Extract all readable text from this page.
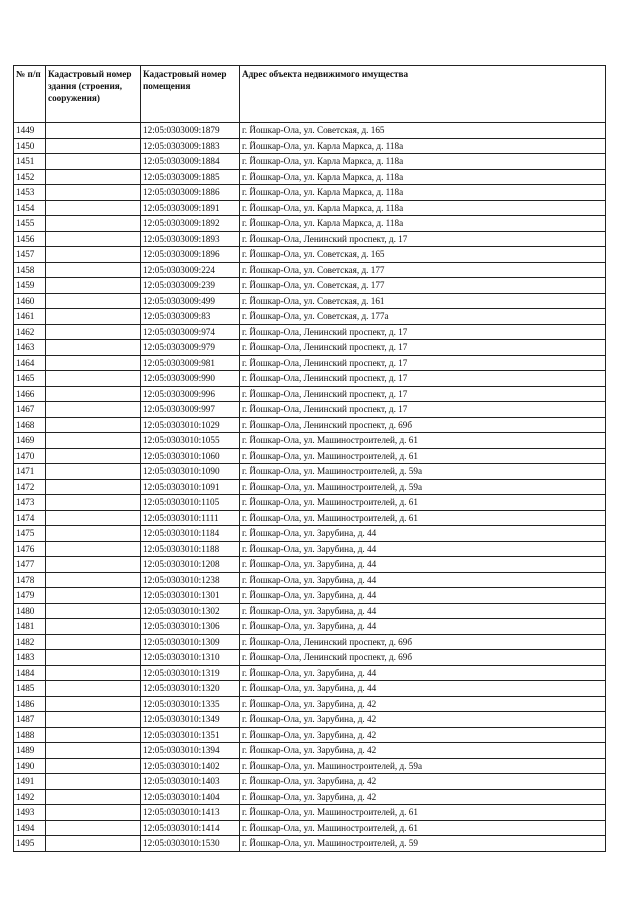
№ п/п	Кадастровый номер здания (строения, сооружения)	Кадастровый номер помещения	Адрес объекта недвижимого имущества
1449		12:05:0303009:1879	г. Йошкар-Ола, ул. Советская, д. 165
1450		12:05:0303009:1883	г. Йошкар-Ола, ул. Карла Маркса, д. 118а
1451		12:05:0303009:1884	г. Йошкар-Ола, ул. Карла Маркса, д. 118а
1452		12:05:0303009:1885	г. Йошкар-Ола, ул. Карла Маркса, д. 118а
1453		12:05:0303009:1886	г. Йошкар-Ола, ул. Карла Маркса, д. 118а
1454		12:05:0303009:1891	г. Йошкар-Ола, ул. Карла Маркса, д. 118а
1455		12:05:0303009:1892	г. Йошкар-Ола, ул. Карла Маркса, д. 118а
1456		12:05:0303009:1893	г. Йошкар-Ола, Ленинский проспект, д. 17
1457		12:05:0303009:1896	г. Йошкар-Ола, ул. Советская, д. 165
1458		12:05:0303009:224	г. Йошкар-Ола, ул. Советская, д. 177
1459		12:05:0303009:239	г. Йошкар-Ола, ул. Советская, д. 177
1460		12:05:0303009:499	г. Йошкар-Ола, ул. Советская, д. 161
1461		12:05:0303009:83	г. Йошкар-Ола, ул. Советская, д. 177а
1462		12:05:0303009:974	г. Йошкар-Ола, Ленинский проспект, д. 17
1463		12:05:0303009:979	г. Йошкар-Ола, Ленинский проспект, д. 17
1464		12:05:0303009:981	г. Йошкар-Ола, Ленинский проспект, д. 17
1465		12:05:0303009:990	г. Йошкар-Ола, Ленинский проспект, д. 17
1466		12:05:0303009:996	г. Йошкар-Ола, Ленинский проспект, д. 17
1467		12:05:0303009:997	г. Йошкар-Ола, Ленинский проспект, д. 17
1468		12:05:0303010:1029	г. Йошкар-Ола, Ленинский проспект, д. 69б
1469		12:05:0303010:1055	г. Йошкар-Ола, ул. Машиностроителей, д. 61
1470		12:05:0303010:1060	г. Йошкар-Ола, ул. Машиностроителей, д. 61
1471		12:05:0303010:1090	г. Йошкар-Ола, ул. Машиностроителей, д. 59а
1472		12:05:0303010:1091	г. Йошкар-Ола, ул. Машиностроителей, д. 59а
1473		12:05:0303010:1105	г. Йошкар-Ола, ул. Машиностроителей, д. 61
1474		12:05:0303010:1111	г. Йошкар-Ола, ул. Машиностроителей, д. 61
1475		12:05:0303010:1184	г. Йошкар-Ола, ул. Зарубина, д. 44
1476		12:05:0303010:1188	г. Йошкар-Ола, ул. Зарубина, д. 44
1477		12:05:0303010:1208	г. Йошкар-Ола, ул. Зарубина, д. 44
1478		12:05:0303010:1238	г. Йошкар-Ола, ул. Зарубина, д. 44
1479		12:05:0303010:1301	г. Йошкар-Ола, ул. Зарубина, д. 44
1480		12:05:0303010:1302	г. Йошкар-Ола, ул. Зарубина, д. 44
1481		12:05:0303010:1306	г. Йошкар-Ола, ул. Зарубина, д. 44
1482		12:05:0303010:1309	г. Йошкар-Ола, Ленинский проспект, д. 69б
1483		12:05:0303010:1310	г. Йошкар-Ола, Ленинский проспект, д. 69б
1484		12:05:0303010:1319	г. Йошкар-Ола, ул. Зарубина, д. 44
1485		12:05:0303010:1320	г. Йошкар-Ола, ул. Зарубина, д. 44
1486		12:05:0303010:1335	г. Йошкар-Ола, ул. Зарубина, д. 42
1487		12:05:0303010:1349	г. Йошкар-Ола, ул. Зарубина, д. 42
1488		12:05:0303010:1351	г. Йошкар-Ола, ул. Зарубина, д. 42
1489		12:05:0303010:1394	г. Йошкар-Ола, ул. Зарубина, д. 42
1490		12:05:0303010:1402	г. Йошкар-Ола, ул. Машиностроителей, д. 59а
1491		12:05:0303010:1403	г. Йошкар-Ола, ул. Зарубина, д. 42
1492		12:05:0303010:1404	г. Йошкар-Ола, ул. Зарубина, д. 42
1493		12:05:0303010:1413	г. Йошкар-Ола, ул. Машиностроителей, д. 61
1494		12:05:0303010:1414	г. Йошкар-Ола, ул. Машиностроителей, д. 61
1495		12:05:0303010:1530	г. Йошкар-Ола, ул. Машиностроителей, д. 59
